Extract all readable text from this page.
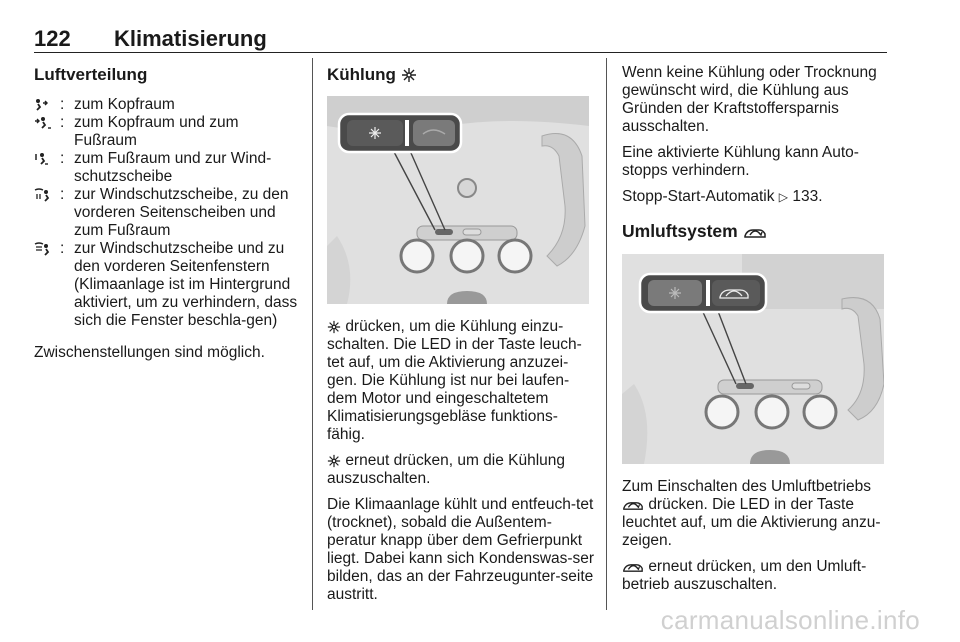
122 Klimatisierung
Luftverteilung
: zum Kopfraum
: zum Kopfraum und zum Fußraum
: zum Fußraum und zur Wind-schutzscheibe
: zur Windschutzscheibe, zu den vorderen Seitenscheiben und zum Fußraum
: zur Windschutzscheibe und zu den vorderen Seitenfenstern (Klimaanlage ist im Hintergrund aktiviert, um zu verhindern, dass sich die Fenster beschla-gen)

Zwischenstellungen sind möglich.

Kühlung

drücken, um die Kühlung einzu-schalten. Die LED in der Taste leuch-tet auf, um die Aktivierung anzuzei-gen. Die Kühlung ist nur bei laufen-dem Motor und eingeschaltetem Klimatisierungsgebläse funktions-fähig.

erneut drücken, um die Kühlung auszuschalten.

Die Klimaanlage kühlt und entfeuch-tet (trocknet), sobald die Außentem-peratur knapp über dem Gefrierpunkt liegt. Dabei kann sich Kondenswas-ser bilden, das an der Fahrzeugunter-seite austritt.

Wenn keine Kühlung oder Trocknung gewünscht wird, die Kühlung aus Gründen der Kraftstoffersparnis ausschalten.

Eine aktivierte Kühlung kann Auto-stopps verhindern.

Stopp-Start-Automatik ▷ 133.

Umluftsystem

Zum Einschalten des Umluftbetriebs
drücken. Die LED in der Taste leuchtet auf, um die Aktivierung anzu-zeigen.

erneut drücken, um den Umluft-betrieb auszuschalten.

carmanualsonline.info
